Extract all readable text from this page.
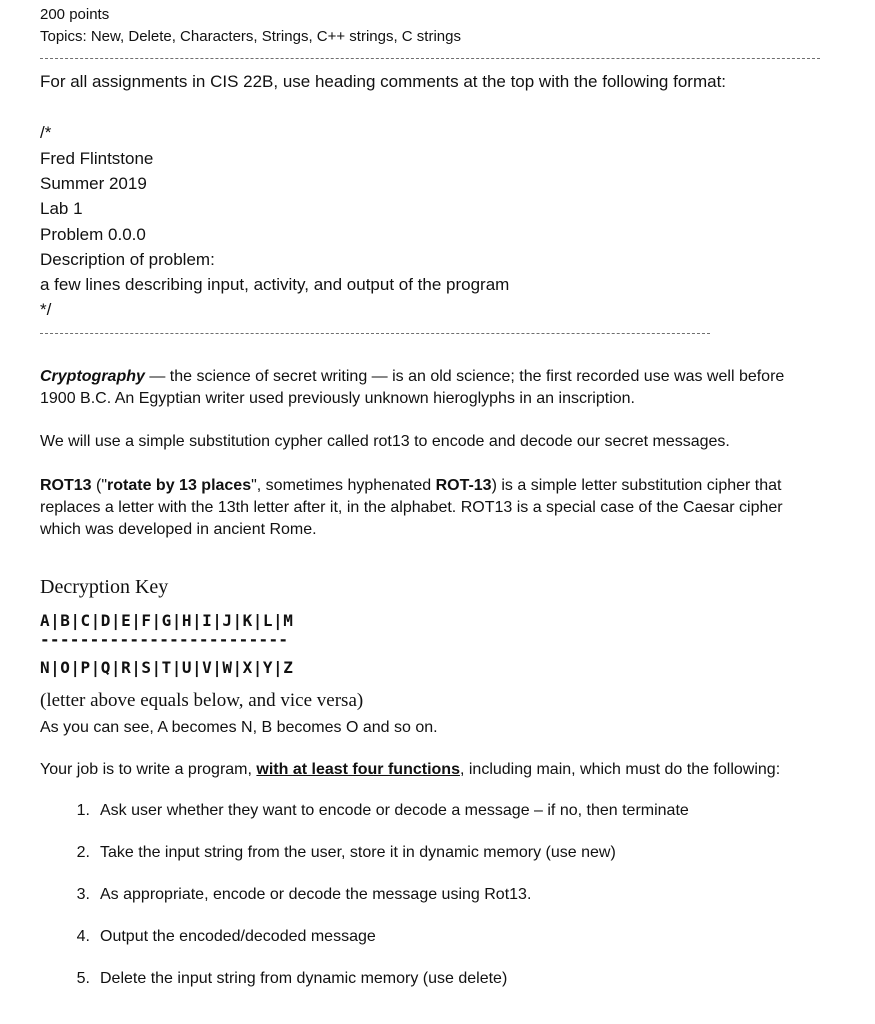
200 points
Topics: New, Delete, Characters, Strings, C++ strings, C strings
For all assignments in CIS 22B, use heading comments at the top with the following format:
/*
Fred Flintstone
Summer 2019
Lab 1
Problem 0.0.0
Description of problem:
a few lines describing input, activity, and output of the program
*/
Cryptography — the science of secret writing — is an old science; the first recorded use was well before
1900 B.C. An Egyptian writer used previously unknown hieroglyphs in an inscription.
We will use a simple substitution cypher called rot13 to encode and decode our secret messages.
ROT13 ("rotate by 13 places", sometimes hyphenated ROT-13) is a simple letter substitution cipher that
replaces a letter with the 13th letter after it, in the alphabet. ROT13 is a special case of the Caesar cipher
which was developed in ancient Rome.
Decryption Key
A|B|C|D|E|F|G|H|I|J|K|L|M
-------------------------
N|O|P|Q|R|S|T|U|V|W|X|Y|Z
(letter above equals below, and vice versa)
As you can see, A becomes N, B becomes O and so on.
Your job is to write a program, with at least four functions, including main, which must do the following:
1. Ask user whether they want to encode or decode a message – if no, then terminate
2. Take the input string from the user, store it in dynamic memory (use new)
3. As appropriate, encode or decode the message using Rot13.
4. Output the encoded/decoded message
5. Delete the input string from dynamic memory (use delete)
